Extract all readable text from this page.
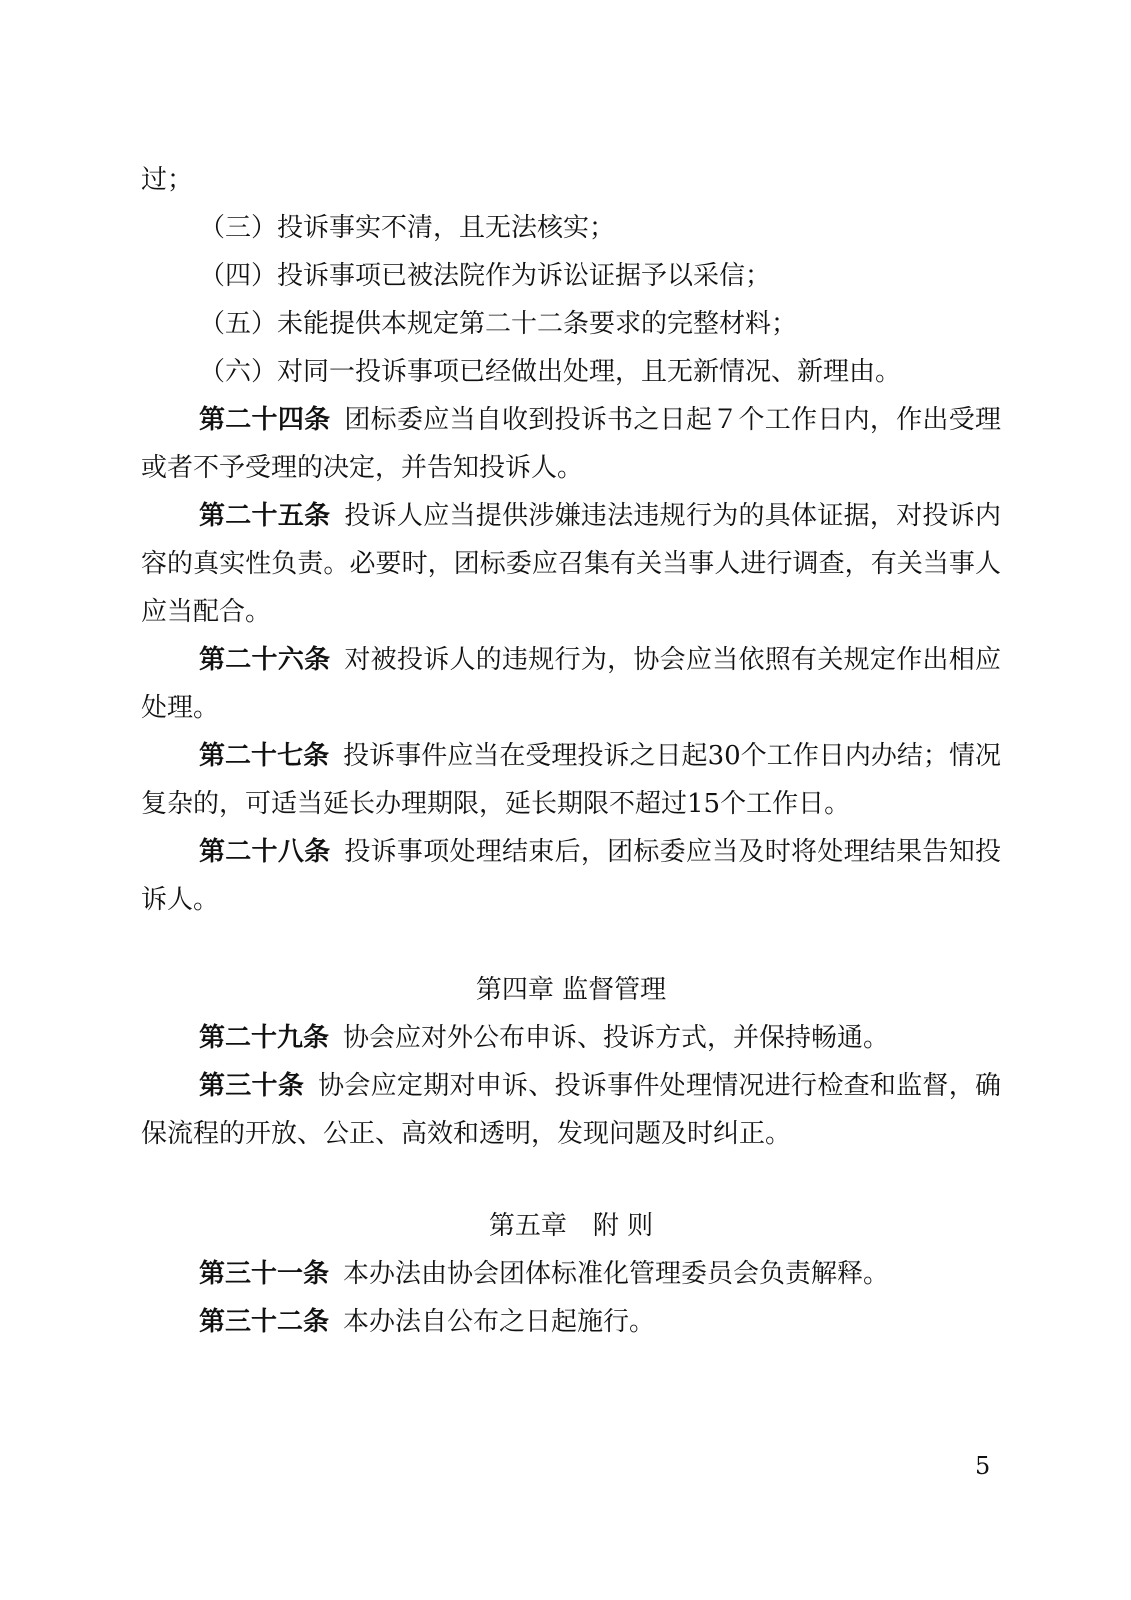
过；

（三）投诉事实不清，且无法核实；

（四）投诉事项已被法院作为诉讼证据予以采信；

（五）未能提供本规定第二十二条要求的完整材料；

（六）对同一投诉事项已经做出处理，且无新情况、新理由。

第二十四条 团标委应当自收到投诉书之日起７个工作日内，作出受理或者不予受理的决定，并告知投诉人。

第二十五条 投诉人应当提供涉嫌违法违规行为的具体证据，对投诉内容的真实性负责。必要时，团标委应召集有关当事人进行调查，有关当事人应当配合。

第二十六条 对被投诉人的违规行为，协会应当依照有关规定作出相应处理。

第二十七条 投诉事件应当在受理投诉之日起30个工作日内办结；情况复杂的，可适当延长办理期限，延长期限不超过15个工作日。

第二十八条 投诉事项处理结束后，团标委应当及时将处理结果告知投诉人。

第四章 监督管理

第二十九条 协会应对外公布申诉、投诉方式，并保持畅通。

第三十条 协会应定期对申诉、投诉事件处理情况进行检查和监督，确保流程的开放、公正、高效和透明，发现问题及时纠正。

第五章　附 则

第三十一条 本办法由协会团体标准化管理委员会负责解释。

第三十二条 本办法自公布之日起施行。

5
